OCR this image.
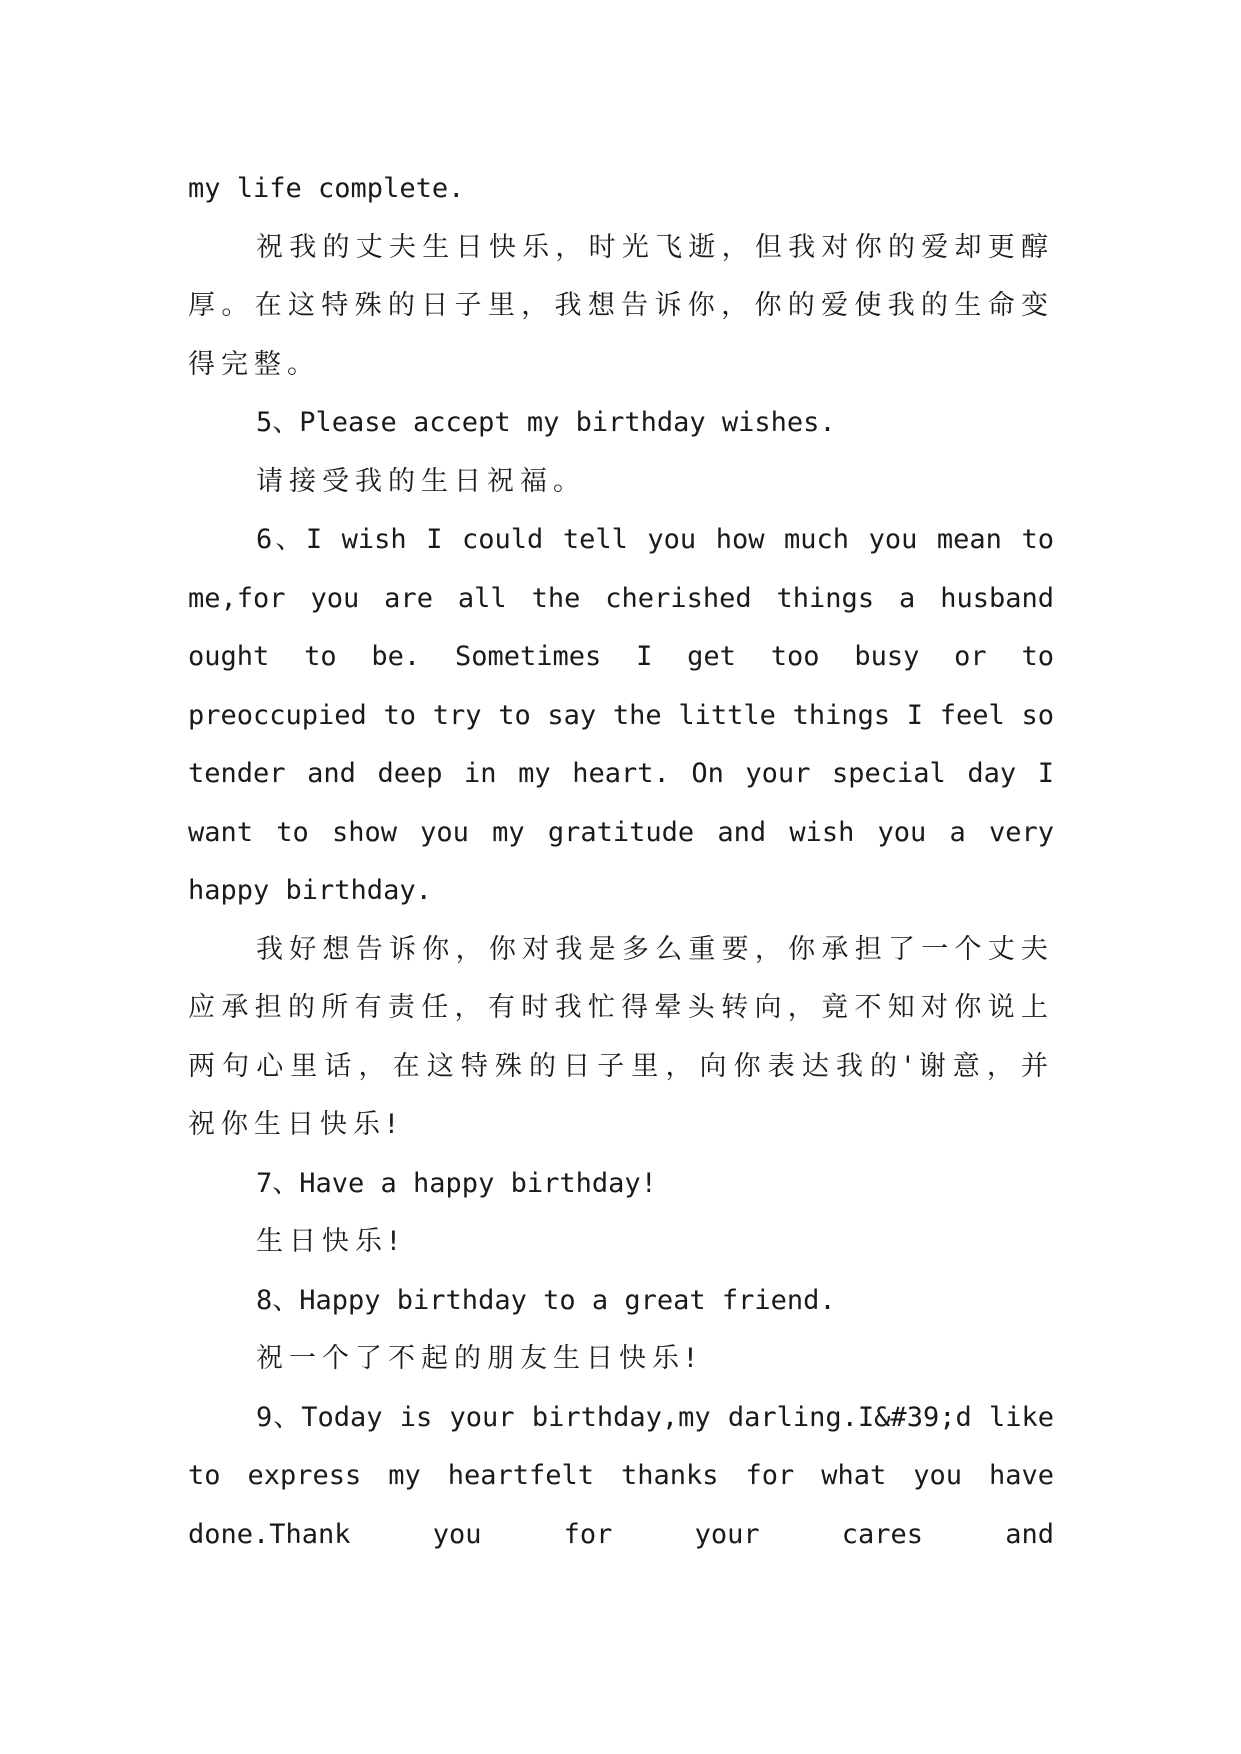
my life complete.

祝我的丈夫生日快乐，时光飞逝，但我对你的爱却更醇厚。在这特殊的日子里，我想告诉你，你的爱使我的生命变得完整。

5、Please accept my birthday wishes.

请接受我的生日祝福。

6、I wish I could tell you how much you mean to me,for you are all the cherished things a husband ought to be. Sometimes I get too busy or to preoccupied to try to say the little things I feel so tender and deep in my heart. On your special day I want to show you my gratitude and wish you a very happy birthday.

我好想告诉你，你对我是多么重要，你承担了一个丈夫应承担的所有责任，有时我忙得晕头转向，竟不知对你说上两句心里话，在这特殊的日子里，向你表达我的'谢意，并祝你生日快乐!

7、Have a happy birthday!

生日快乐!

8、Happy birthday to a great friend.

祝一个了不起的朋友生日快乐!

9、Today is your birthday,my darling.I&#39;d like to express my heartfelt thanks for what you have done.Thank you for your cares and
